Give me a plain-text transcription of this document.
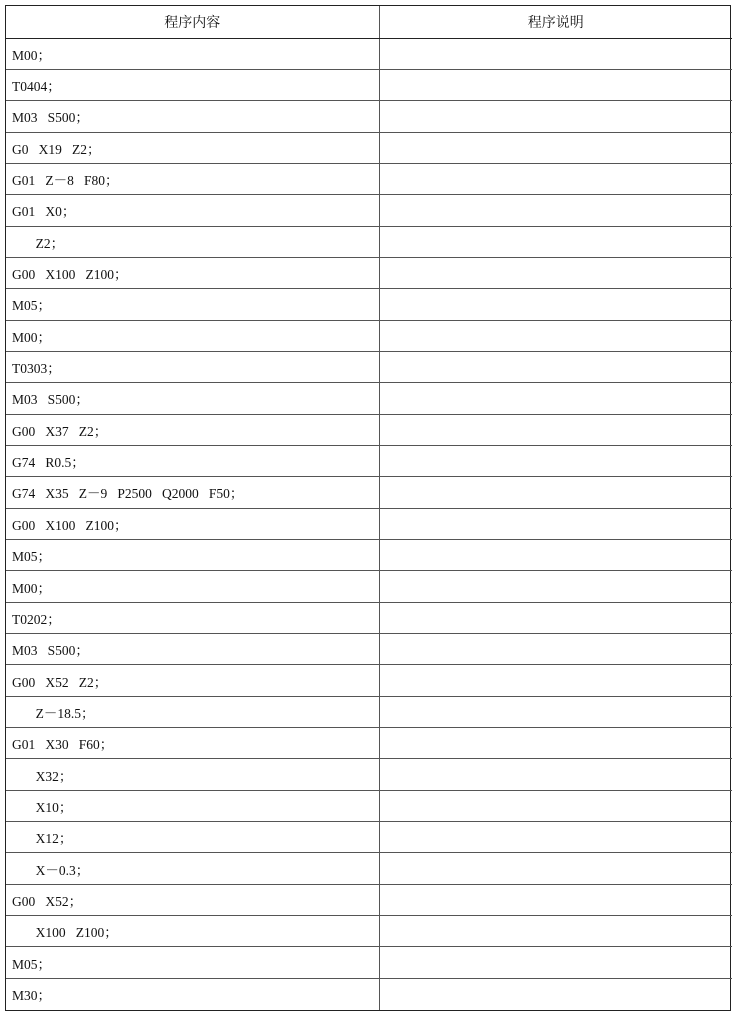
程序内容	程序说明
M00；	
T0404；	
M03   S500；	
G0   X19   Z2；	
G01   Z－8   F80；	
G01   X0；	
Z2；	
G00   X100   Z100；	
M05；	
M00；	
T0303；	
M03   S500；	
G00   X37   Z2；	
G74   R0.5；	
G74   X35   Z－9   P2500   Q2000   F50；	
G00   X100   Z100；	
M05；	
M00；	
T0202；	
M03   S500；	
G00   X52   Z2；	
Z－18.5；	
G01   X30   F60；	
X32；	
X10；	
X12；	
X－0.3；	
G00   X52；	
X100   Z100；	
M05；	
M30；	
